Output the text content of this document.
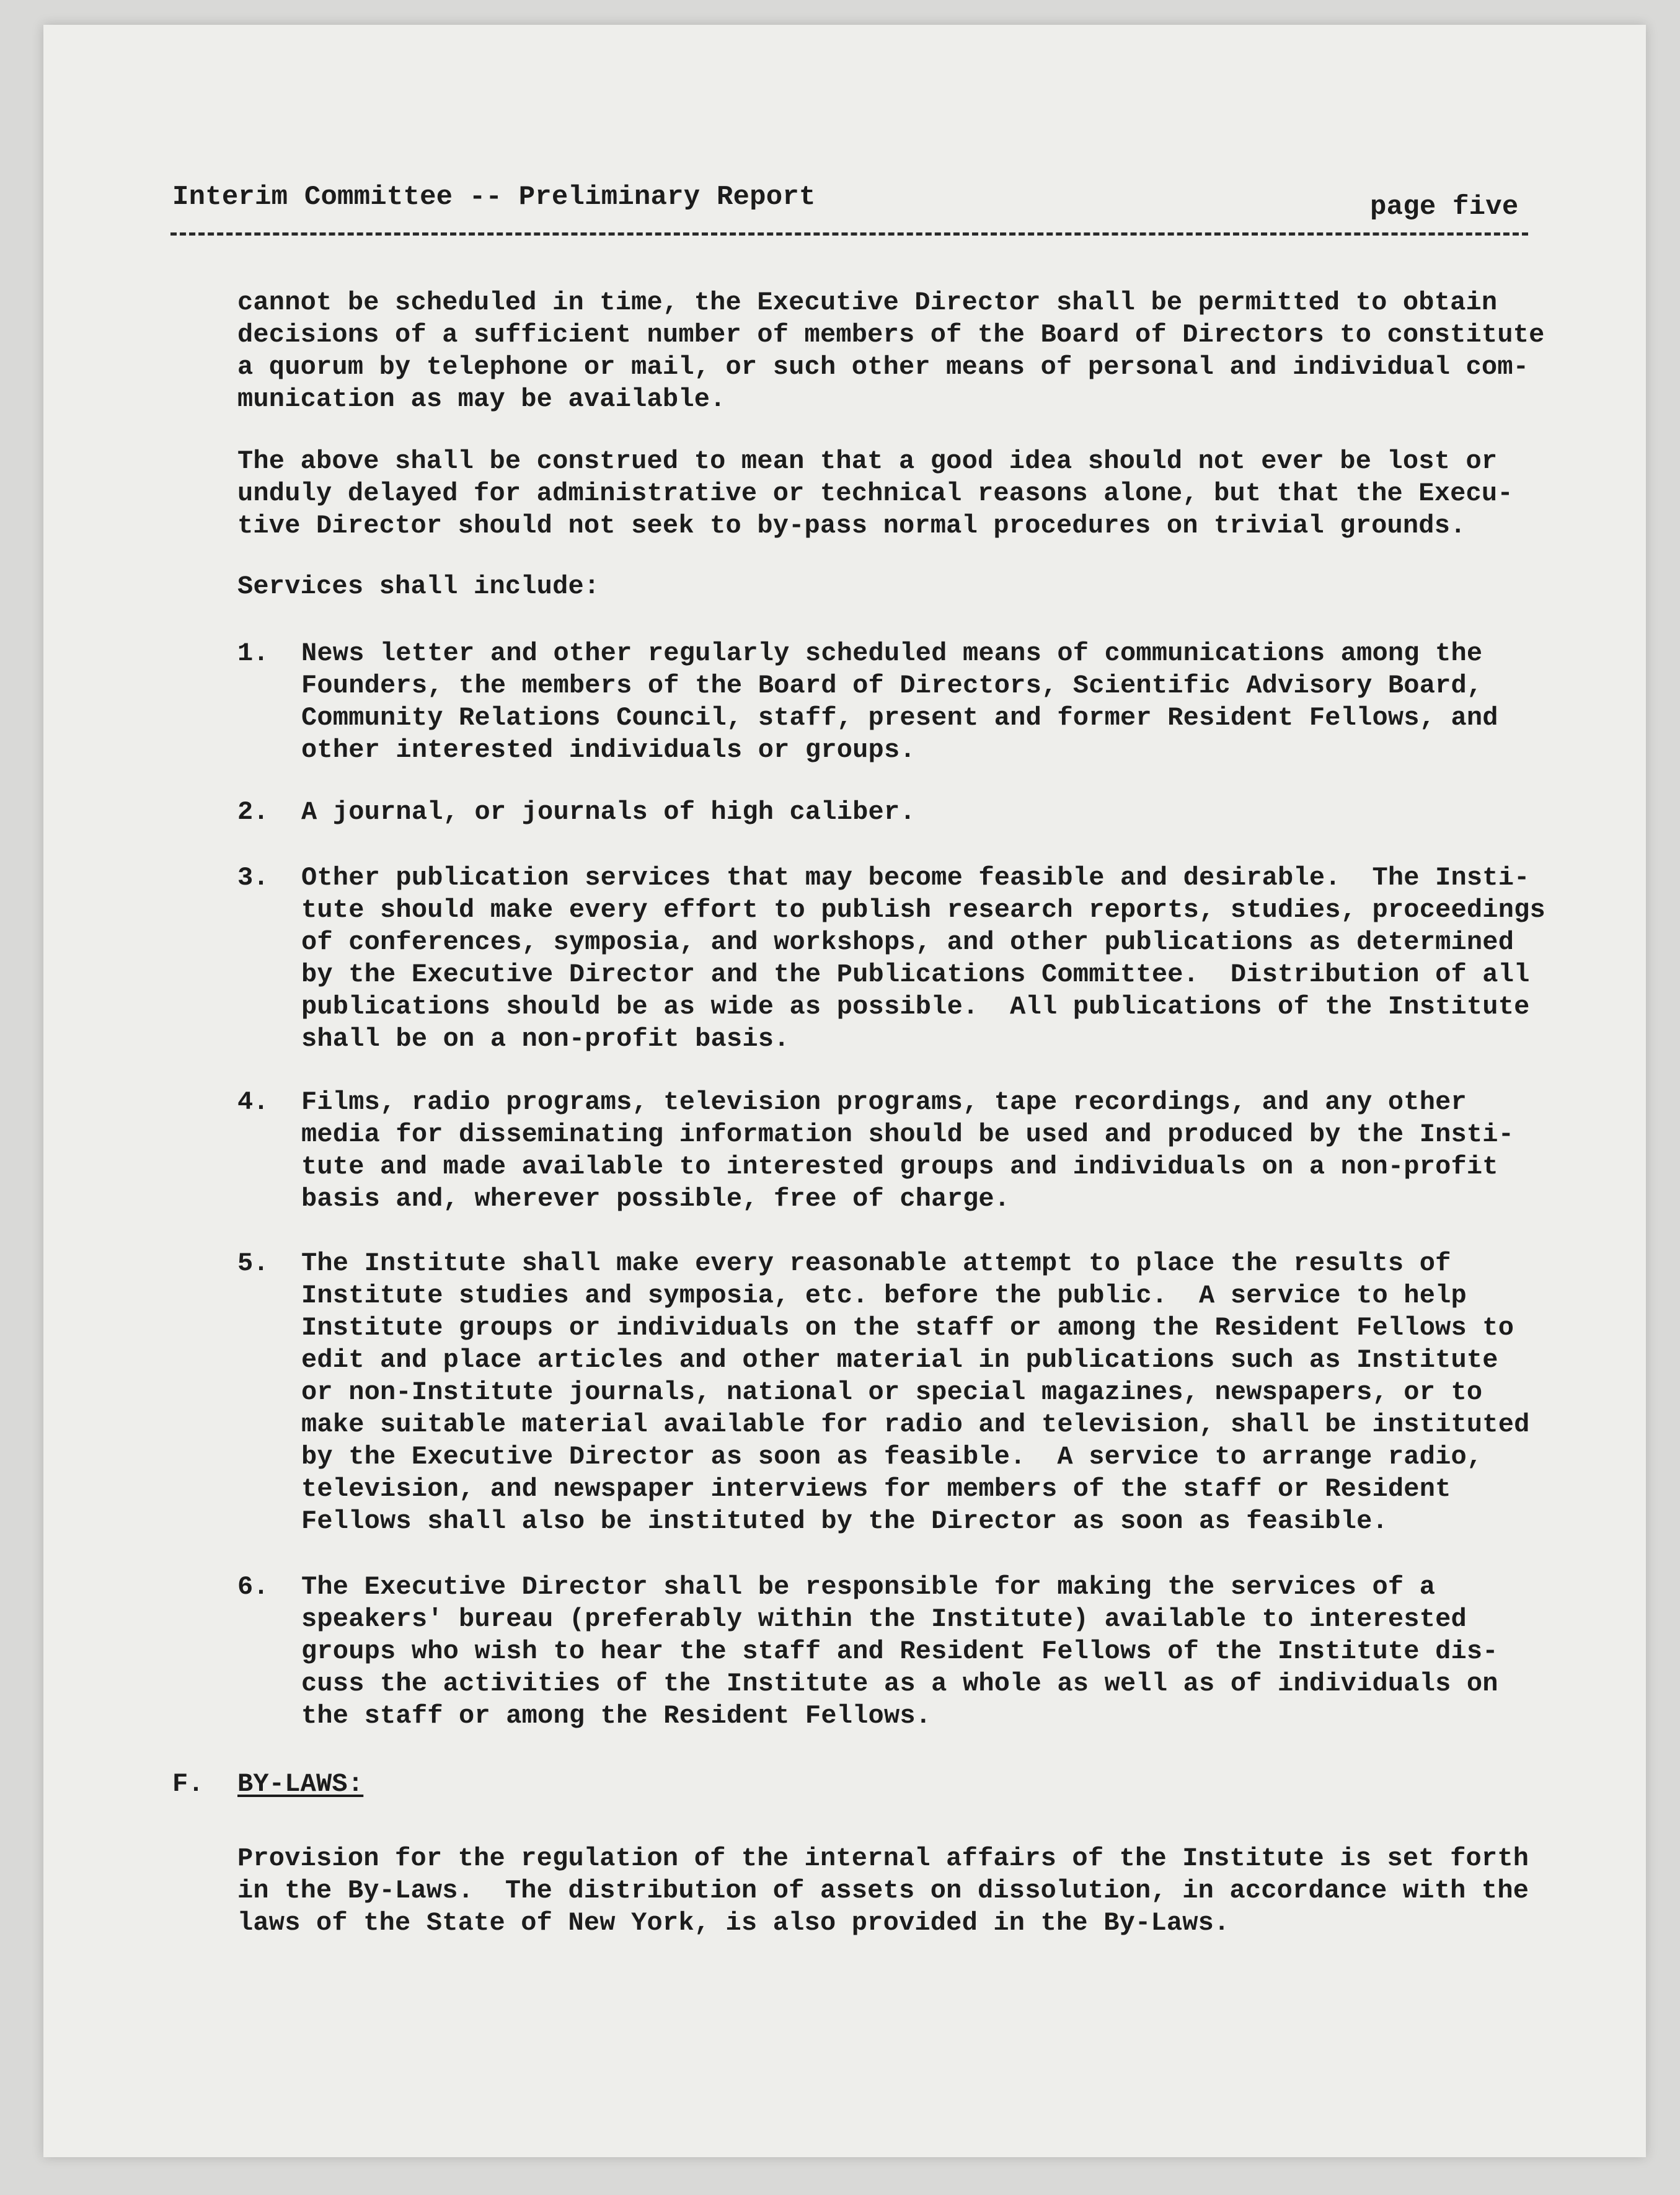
Interim Committee -- Preliminary Report	page five
cannot be scheduled in time, the Executive Director shall be permitted to obtain
decisions of a sufficient number of members of the Board of Directors to constitute
a quorum by telephone or mail, or such other means of personal and individual com-
munication as may be available.
The above shall be construed to mean that a good idea should not ever be lost or
unduly delayed for administrative or technical reasons alone, but that the Execu-
tive Director should not seek to by-pass normal procedures on trivial grounds.
Services shall include:
1. News letter and other regularly scheduled means of communications among the
Founders, the members of the Board of Directors, Scientific Advisory Board,
Community Relations Council, staff, present and former Resident Fellows, and
other interested individuals or groups.
2. A journal, or journals of high caliber.
3. Other publication services that may become feasible and desirable.  The Insti-
tute should make every effort to publish research reports, studies, proceedings
of conferences, symposia, and workshops, and other publications as determined
by the Executive Director and the Publications Committee.  Distribution of all
publications should be as wide as possible.  All publications of the Institute
shall be on a non-profit basis.
4. Films, radio programs, television programs, tape recordings, and any other
media for disseminating information should be used and produced by the Insti-
tute and made available to interested groups and individuals on a non-profit
basis and, wherever possible, free of charge.
5. The Institute shall make every reasonable attempt to place the results of
Institute studies and symposia, etc. before the public.  A service to help
Institute groups or individuals on the staff or among the Resident Fellows to
edit and place articles and other material in publications such as Institute
or non-Institute journals, national or special magazines, newspapers, or to
make suitable material available for radio and television, shall be instituted
by the Executive Director as soon as feasible.  A service to arrange radio,
television, and newspaper interviews for members of the staff or Resident
Fellows shall also be instituted by the Director as soon as feasible.
6. The Executive Director shall be responsible for making the services of a
speakers' bureau (preferably within the Institute) available to interested
groups who wish to hear the staff and Resident Fellows of the Institute dis-
cuss the activities of the Institute as a whole as well as of individuals on
the staff or among the Resident Fellows.
F. BY-LAWS:
Provision for the regulation of the internal affairs of the Institute is set forth
in the By-Laws.  The distribution of assets on dissolution, in accordance with the
laws of the State of New York, is also provided in the By-Laws.
